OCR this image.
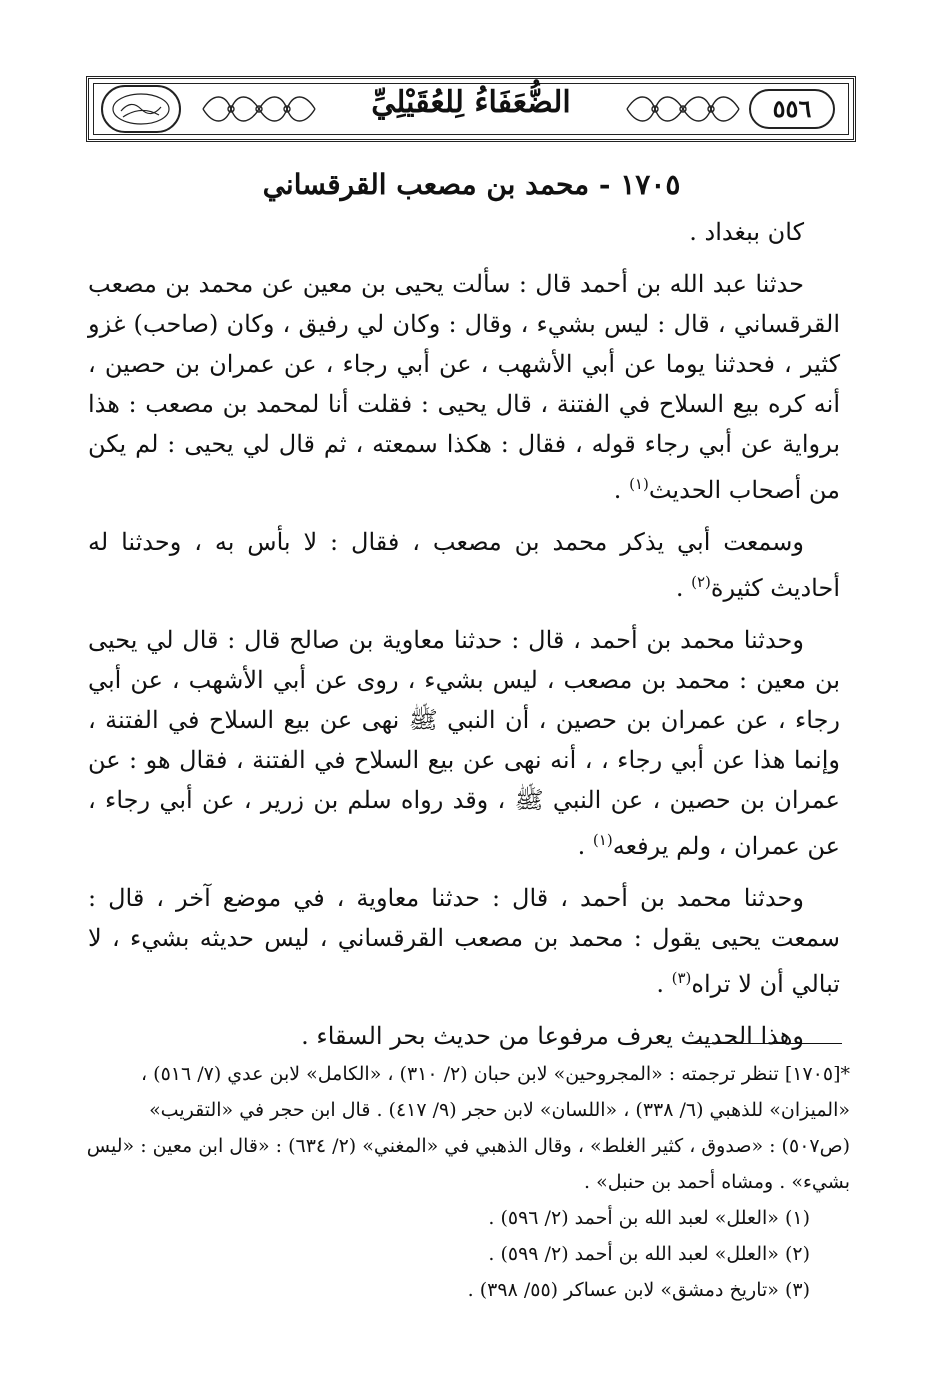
الضُّعَفَاءُ لِلعُقَيْلِيِّ	٥٥٦
١٧٠٥ - محمد بن مصعب القرقساني

كان ببغداد .

حدثنا عبد الله بن أحمد قال : سألت يحيى بن معين عن محمد بن مصعب القرقساني ، قال : ليس بشيء ، وقال : وكان لي رفيق ، وكان (صاحب) غزو كثير ، فحدثنا يوما عن أبي الأشهب ، عن أبي رجاء ، عن عمران بن حصين ، أنه كره بيع السلاح في الفتنة ، قال يحيى : فقلت أنا لمحمد بن مصعب : هذا برواية عن أبي رجاء قوله ، فقال : هكذا سمعته ، ثم قال لي يحيى : لم يكن من أصحاب الحديث$^{(١)}$ .

وسمعت أبي يذكر محمد بن مصعب ، فقال : لا بأس به ، وحدثنا له أحاديث كثيرة$^{(٢)}$ .

وحدثنا محمد بن أحمد ، قال : حدثنا معاوية بن صالح قال : قال لي يحيى بن معين : محمد بن مصعب ، ليس بشيء ، روى عن أبي الأشهب ، عن أبي رجاء ، عن عمران بن حصين ، أن النبي ﷺ نهى عن بيع السلاح في الفتنة ، وإنما هذا عن أبي رجاء ، ، أنه نهى عن بيع السلاح في الفتنة ، فقال هو : عن عمران بن حصين ، عن النبي ﷺ ، وقد رواه سلم بن زرير ، عن أبي رجاء ، عن عمران ، ولم يرفعه$^{(١)}$ .

وحدثنا محمد بن أحمد ، قال : حدثنا معاوية ، في موضع آخر ، قال : سمعت يحيى يقول : محمد بن مصعب القرقساني ، ليس حديثه بشيء ، لا تبالي أن لا تراه$^{(٣)}$ .

وهذا الحديث يعرف مرفوعا من حديث بحر السقاء .

*[١٧٠٥] تنظر ترجمته : «المجروحين» لابن حبان (٢/ ٣١٠) ، «الكامل» لابن عدي (٧/ ٥١٦) ، «الميزان» للذهبي (٦/ ٣٣٨) ، «اللسان» لابن حجر (٩/ ٤١٧) . قال ابن حجر في «التقريب» (ص٥٠٧) : «صدوق ، كثير الغلط» ، وقال الذهبي في «المغني» (٢/ ٦٣٤) : «قال ابن معين : «ليس بشيء» . ومشاه أحمد بن حنبل» .

(١) «العلل» لعبد الله بن أحمد (٢/ ٥٩٦) .

(٢) «العلل» لعبد الله بن أحمد (٢/ ٥٩٩) .

(٣) «تاريخ دمشق» لابن عساكر (٥٥/ ٣٩٨) .
